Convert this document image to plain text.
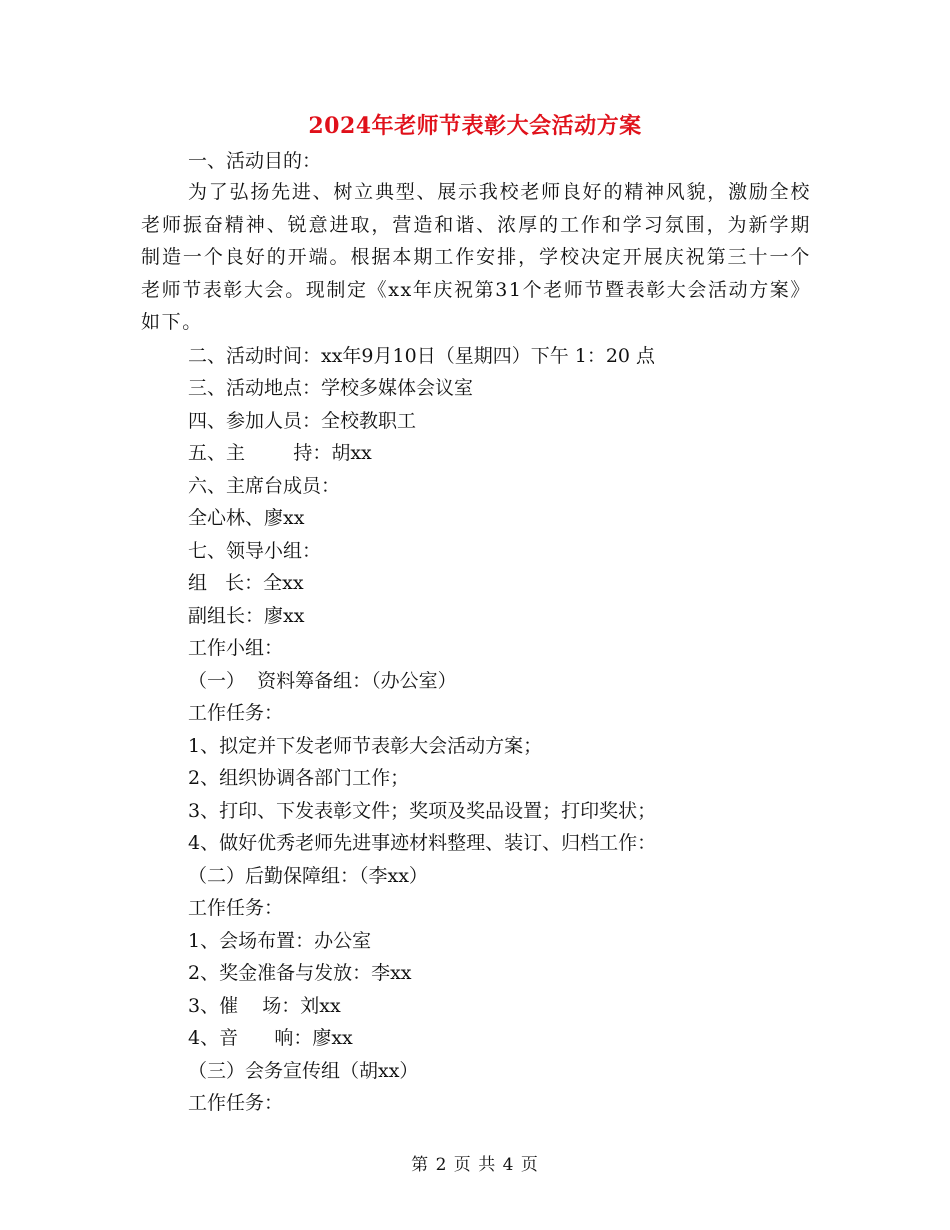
2024年老师节表彰大会活动方案

一、活动目的：

为了弘扬先进、树立典型、展示我校老师良好的精神风貌，激励全校老师振奋精神、锐意进取，营造和谐、浓厚的工作和学习氛围，为新学期制造一个良好的开端。根据本期工作安排，学校决定开展庆祝第三十一个老师节表彰大会。现制定《xx年庆祝第31个老师节暨表彰大会活动方案》如下。

二、活动时间：xx年9月10日（星期四）下午 1：20 点

三、活动地点：学校多媒体会议室

四、参加人员：全校教职工

五、主        持：胡xx

六、主席台成员：

全心林、廖xx

七、领导小组：

组   长：全xx

副组长：廖xx

工作小组：

（一）  资料筹备组：（办公室）

工作任务：

1、拟定并下发老师节表彰大会活动方案；

2、组织协调各部门工作；

3、打印、下发表彰文件；奖项及奖品设置；打印奖状；

4、做好优秀老师先进事迹材料整理、装订、归档工作：

（二）后勤保障组：（李xx）

工作任务：

1、会场布置：办公室

2、奖金准备与发放：李xx

3、催    场：刘xx

4、音      响：廖xx

（三）会务宣传组（胡xx）

工作任务：

第 2 页 共 4 页
